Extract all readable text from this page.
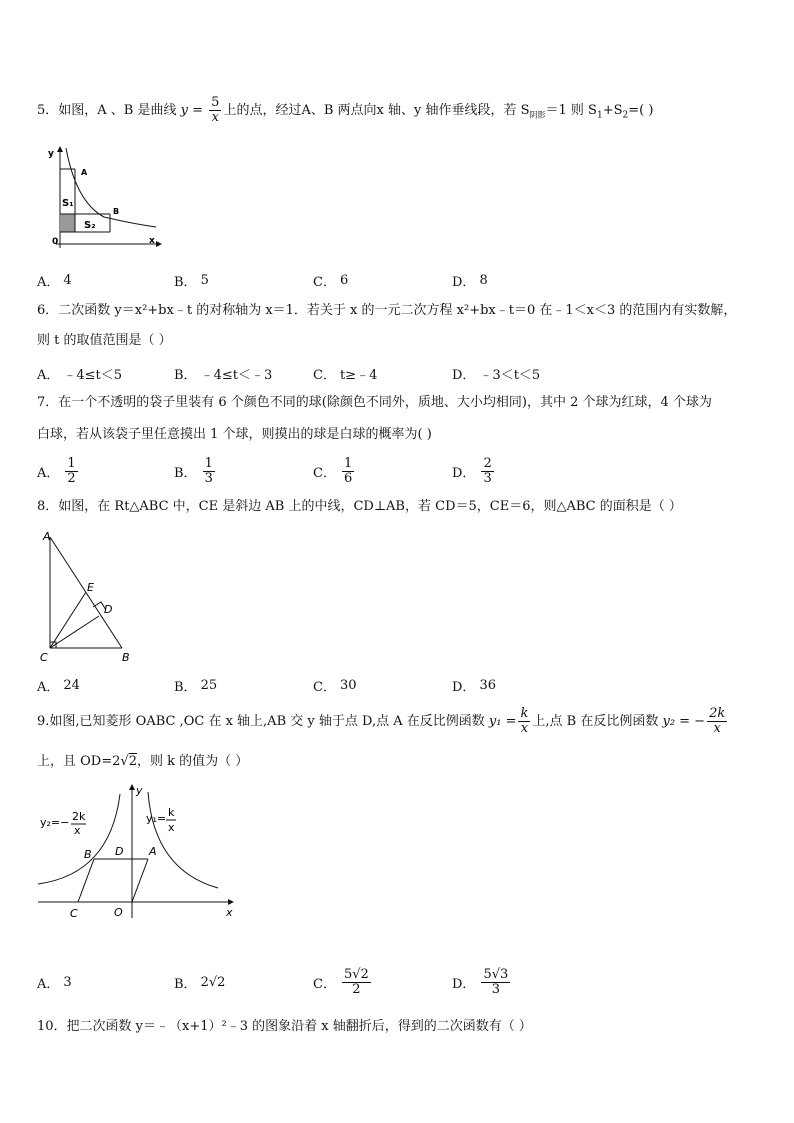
5．如图，A 、B 是曲线 $y = \frac{5}{x}$ 上的点，经过A、B 两点向x 轴、y 轴作垂线段，若 $S_{阴影}=1$ 则 $S_1+S_2=$( )
y
x
0
A
B
S₁
S₂
A． 4	B． 5	C． 6	D． 8
6．二次函数 y＝x²+bx﹣t 的对称轴为 x＝1．若关于 x 的一元二次方程 x²+bx﹣t＝0 在﹣1＜x＜3 的范围内有实数解，
则 t 的取值范围是（ ）
A． ﹣4≤t＜5	B． ﹣4≤t＜﹣3	C． t≥﹣4	D． ﹣3＜t＜5
7．在一个不透明的袋子里装有 6 个颜色不同的球(除颜色不同外，质地、大小均相同)，其中 2 个球为红球，4 个球为
白球，若从该袋子里任意摸出 1 个球，则摸出的球是白球的概率为( )
A． $\frac{1}{2}$	B． $\frac{1}{3}$	C． $\frac{1}{6}$	D． $\frac{2}{3}$
8．如图，在 Rt△ABC 中，CE 是斜边 AB 上的中线，CD⊥AB，若 CD＝5，CE＝6，则△ABC 的面积是（ ）
A
B
C
D
E
A． 24	B． 25	C． 30	D． 36
9.如图,已知菱形 OABC ,OC 在 x 轴上,AB 交 y 轴于点 D,点 A 在反比例函数 $y_1 = \frac{k}{x}$ 上,点 B 在反比例函数 y₂ = − $\frac{2k}{x}$
上，且 OD=2√2，则 k 的值为（ ）
y
x
O
A
B
C
D
y₂=− 2k
x
y₁= k
x
A． 3	B． 2√2	C． $\frac{5√2}{2}$	D． $\frac{5√3}{3}$
10．把二次函数 y＝﹣（x+1）²﹣3 的图象沿着 x 轴翻折后，得到的二次函数有（ ）
